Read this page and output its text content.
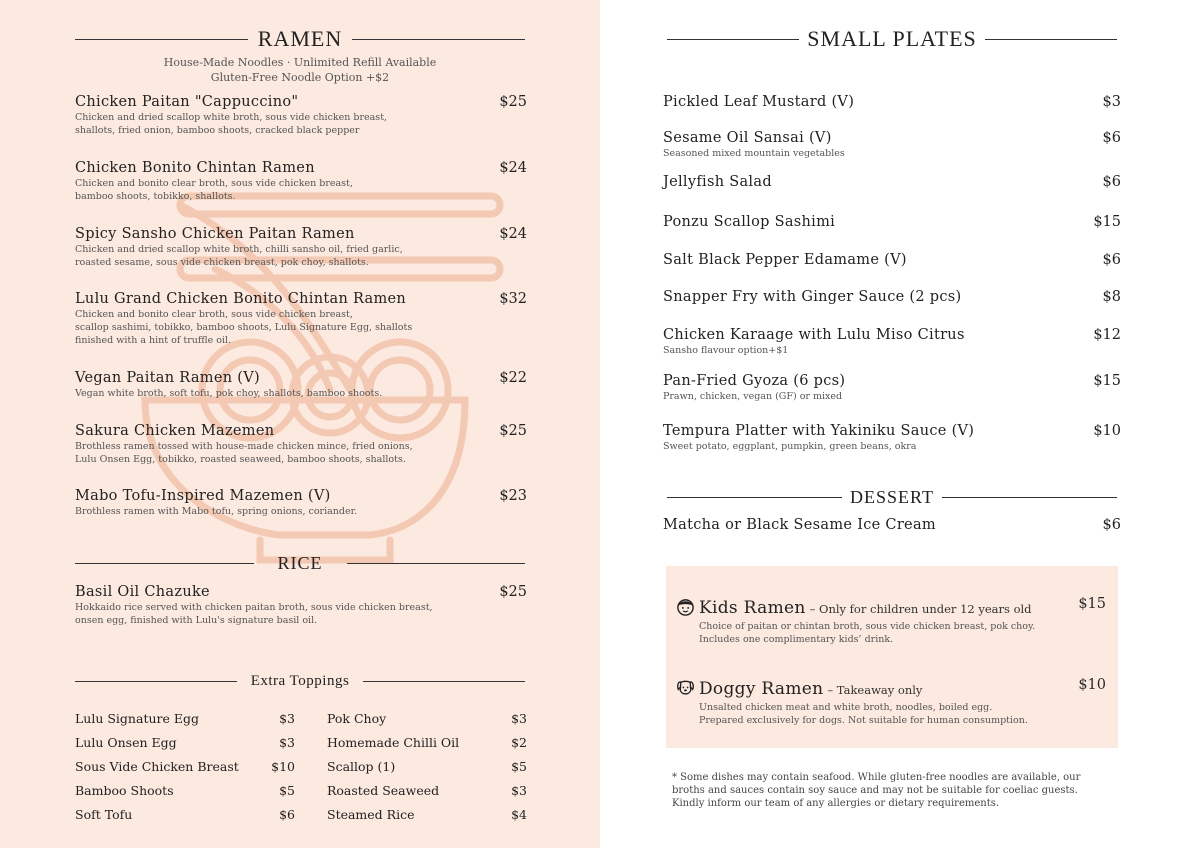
RAMEN
House-Made Noodles · Unlimited Refill Available
Gluten-Free Noodle Option +$2
Chicken Paitan "Cappuccino"	$25
Chicken and dried scallop white broth, sous vide chicken breast,
shallots, fried onion, bamboo shoots, cracked black pepper
Chicken Bonito Chintan Ramen	$24
Chicken and bonito clear broth, sous vide chicken breast,
bamboo shoots, tobikko, shallots.
Spicy Sansho Chicken Paitan Ramen	$24
Chicken and dried scallop white broth, chilli sansho oil, fried garlic,
roasted sesame, sous vide chicken breast, pok choy, shallots.
Lulu Grand Chicken Bonito Chintan Ramen	$32
Chicken and bonito clear broth, sous vide chicken breast,
scallop sashimi, tobikko, bamboo shoots, Lulu Signature Egg, shallots
finished with a hint of truffle oil.
Vegan Paitan Ramen (V)	$22
Vegan white broth, soft tofu, pok choy, shallots, bamboo shoots.
Sakura Chicken Mazemen	$25
Brothless ramen tossed with house-made chicken mince, fried onions,
Lulu Onsen Egg, tobikko, roasted seaweed, bamboo shoots, shallots.
Mabo Tofu-Inspired Mazemen (V)	$23
Brothless ramen with Mabo tofu, spring onions, coriander.
RICE
Basil Oil Chazuke	$25
Hokkaido rice served with chicken paitan broth, sous vide chicken breast,
onsen egg, finished with Lulu's signature basil oil.
Extra Toppings
Lulu Signature Egg	$3
Lulu Onsen Egg	$3
Sous Vide Chicken Breast	$10
Bamboo Shoots	$5
Soft Tofu	$6
Pok Choy	$3
Homemade Chilli Oil	$2
Scallop (1)	$5
Roasted Seaweed	$3
Steamed Rice	$4
SMALL PLATES
Pickled Leaf Mustard (V)	$3
Sesame Oil Sansai (V)	$6
Seasoned mixed mountain vegetables
Jellyfish Salad	$6
Ponzu Scallop Sashimi	$15
Salt Black Pepper Edamame (V)	$6
Snapper Fry with Ginger Sauce (2 pcs)	$8
Chicken Karaage with Lulu Miso Citrus	$12
Sansho flavour option+$1
Pan-Fried Gyoza (6 pcs)	$15
Prawn, chicken, vegan (GF) or mixed
Tempura Platter with Yakiniku Sauce (V)	$10
Sweet potato, eggplant, pumpkin, green beans, okra
DESSERT
Matcha or Black Sesame Ice Cream	$6
Kids Ramen – Only for children under 12 years old	$15
Choice of paitan or chintan broth, sous vide chicken breast, pok choy.
Includes one complimentary kids’ drink.
Doggy Ramen – Takeaway only	$10
Unsalted chicken meat and white broth, noodles, boiled egg.
Prepared exclusively for dogs. Not suitable for human consumption.
* Some dishes may contain seafood. While gluten-free noodles are available, our
broths and sauces contain soy sauce and may not be suitable for coeliac guests.
Kindly inform our team of any allergies or dietary requirements.
